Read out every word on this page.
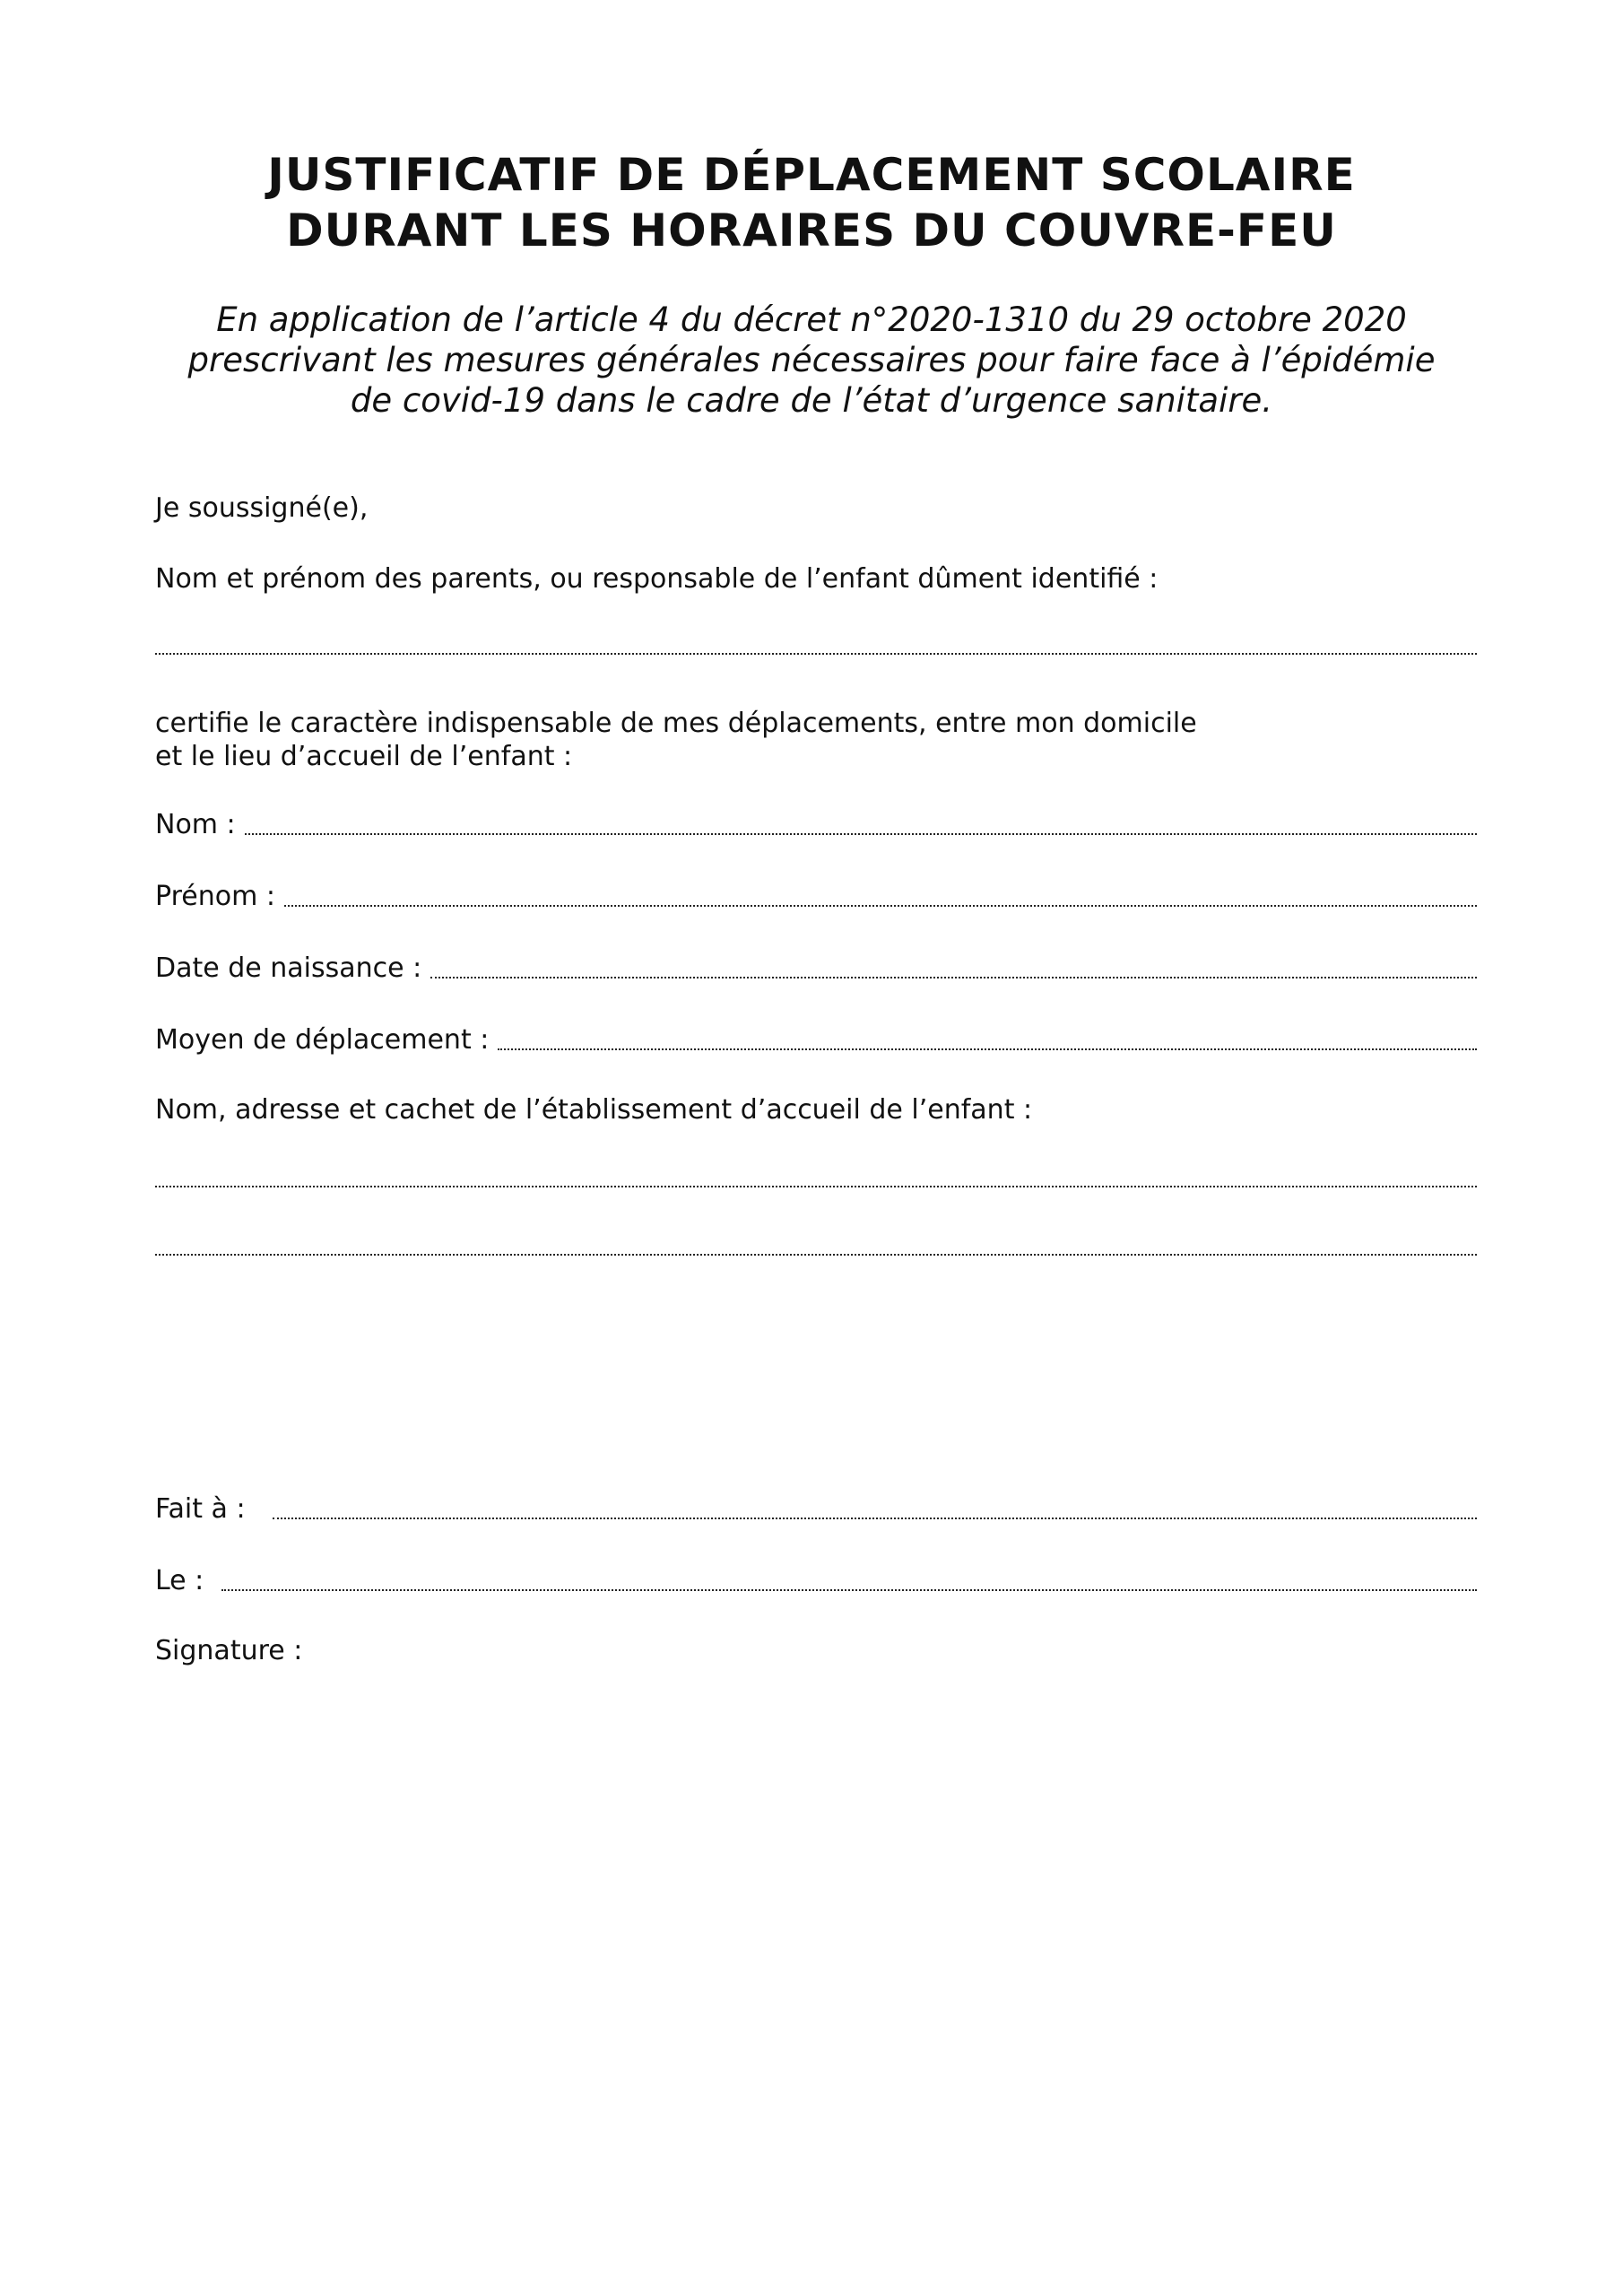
JUSTIFICATIF DE DÉPLACEMENT SCOLAIRE
DURANT LES HORAIRES DU COUVRE-FEU

En application de l’article 4 du décret n°2020-1310 du 29 octobre 2020

prescrivant les mesures générales nécessaires pour faire face à l’épidémie

de covid-19 dans le cadre de l’état d’urgence sanitaire.

Je soussigné(e),
Nom et prénom des parents, ou responsable de l’enfant dûment identifié :
certifie le caractère indispensable de mes déplacements, entre mon domicile
et le lieu d’accueil de l’enfant :
Nom :
Prénom :
Date de naissance :
Moyen de déplacement :
Nom, adresse et cachet de l’établissement d’accueil de l’enfant :
Fait à :
Le :
Signature :
